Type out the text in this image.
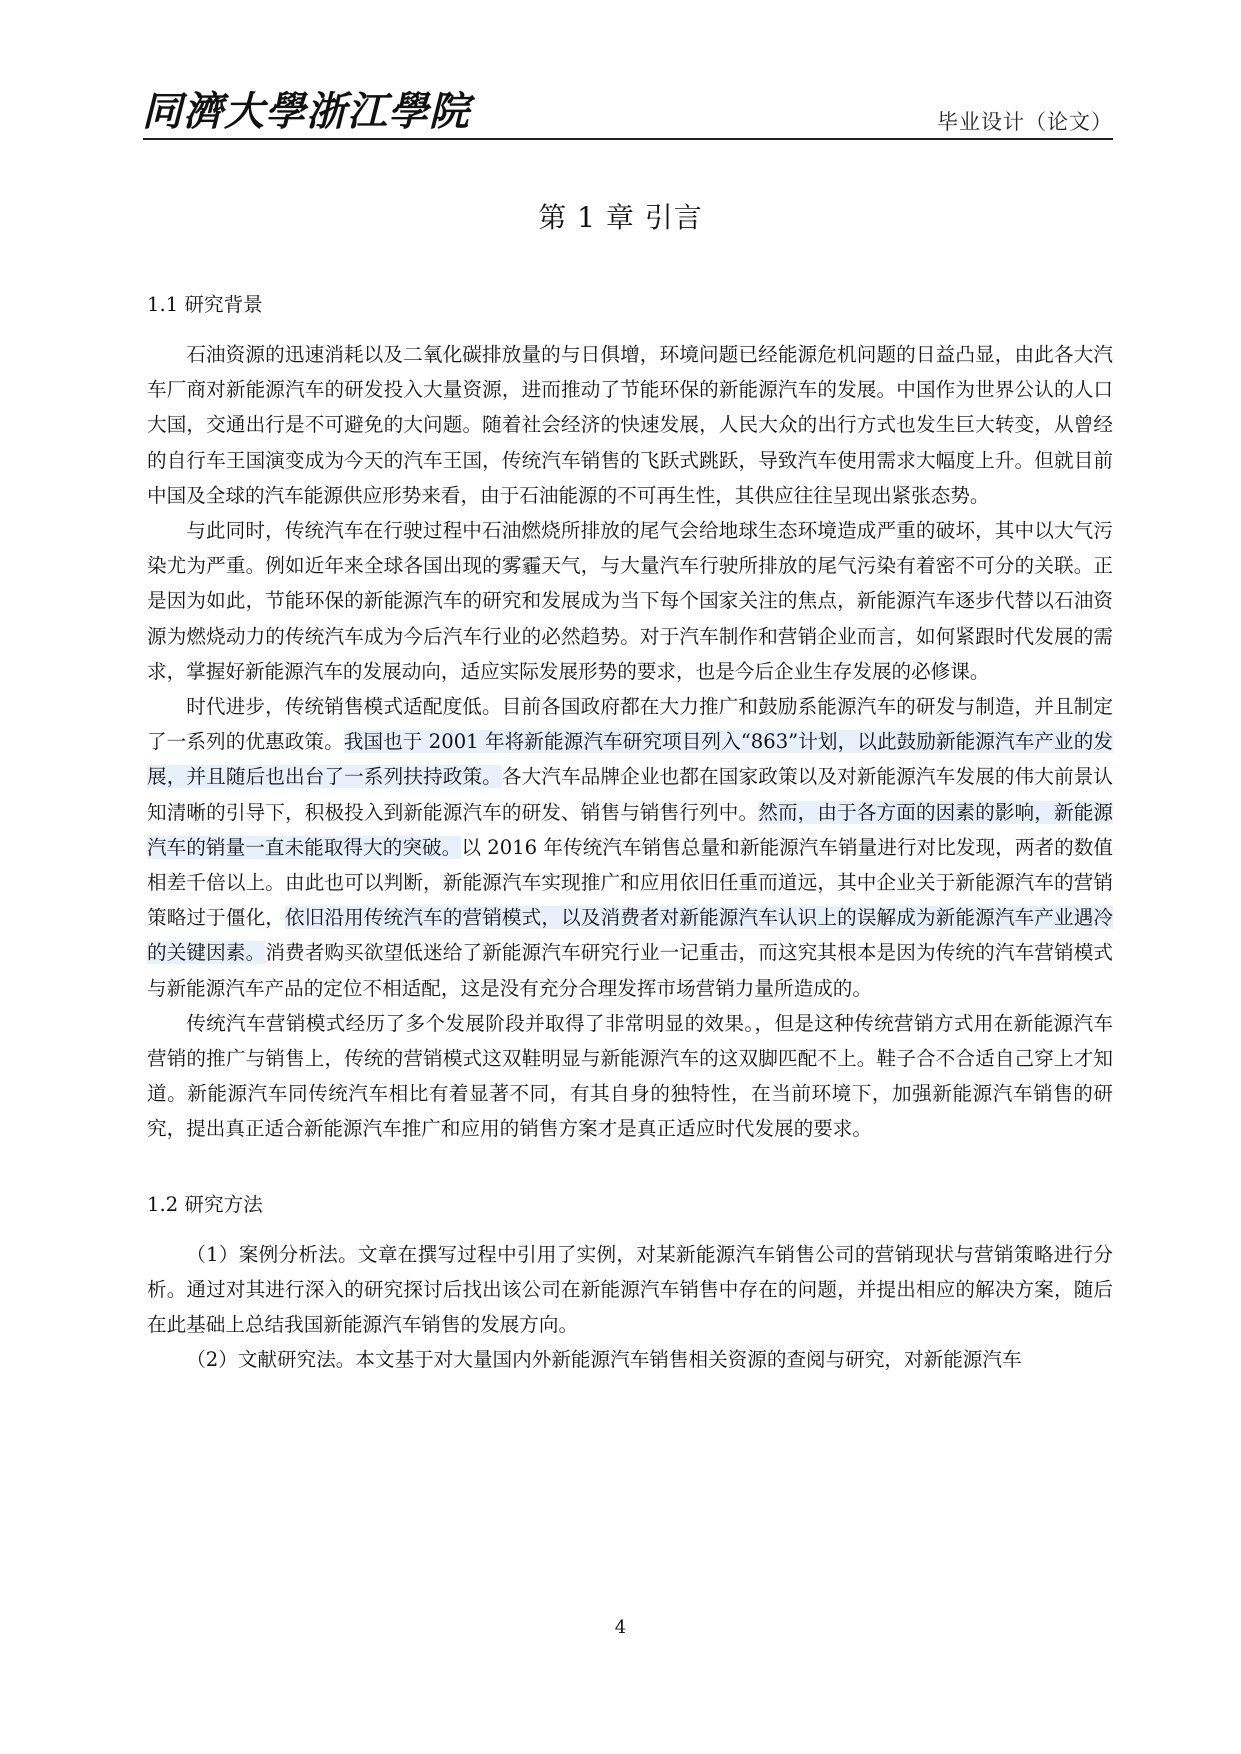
同濟大學浙江學院	毕业设计（论文）
第 1 章 引言

1.1 研究背景

石油资源的迅速消耗以及二氧化碳排放量的与日俱增，环境问题已经能源危机问题的日益凸显，由此各大汽车厂商对新能源汽车的研发投入大量资源，进而推动了节能环保的新能源汽车的发展。中国作为世界公认的人口大国，交通出行是不可避免的大问题。随着社会经济的快速发展，人民大众的出行方式也发生巨大转变，从曾经的自行车王国演变成为今天的汽车王国，传统汽车销售的飞跃式跳跃，导致汽车使用需求大幅度上升。但就目前中国及全球的汽车能源供应形势来看，由于石油能源的不可再生性，其供应往往呈现出紧张态势。

与此同时，传统汽车在行驶过程中石油燃烧所排放的尾气会给地球生态环境造成严重的破坏，其中以大气污染尤为严重。例如近年来全球各国出现的雾霾天气，与大量汽车行驶所排放的尾气污染有着密不可分的关联。正是因为如此，节能环保的新能源汽车的研究和发展成为当下每个国家关注的焦点，新能源汽车逐步代替以石油资源为燃烧动力的传统汽车成为今后汽车行业的必然趋势。对于汽车制作和营销企业而言，如何紧跟时代发展的需求，掌握好新能源汽车的发展动向，适应实际发展形势的要求，也是今后企业生存发展的必修课。

时代进步，传统销售模式适配度低。目前各国政府都在大力推广和鼓励系能源汽车的研发与制造，并且制定了一系列的优惠政策。我国也于 2001 年将新能源汽车研究项目列入“863”计划，以此鼓励新能源汽车产业的发展，并且随后也出台了一系列扶持政策。各大汽车品牌企业也都在国家政策以及对新能源汽车发展的伟大前景认知清晰的引导下，积极投入到新能源汽车的研发、销售与销售行列中。然而，由于各方面的因素的影响，新能源汽车的销量一直未能取得大的突破。以 2016 年传统汽车销售总量和新能源汽车销量进行对比发现，两者的数值相差千倍以上。由此也可以判断，新能源汽车实现推广和应用依旧任重而道远，其中企业关于新能源汽车的营销策略过于僵化，依旧沿用传统汽车的营销模式，以及消费者对新能源汽车认识上的误解成为新能源汽车产业遇冷的关键因素。消费者购买欲望低迷给了新能源汽车研究行业一记重击，而这究其根本是因为传统的汽车营销模式与新能源汽车产品的定位不相适配，这是没有充分合理发挥市场营销力量所造成的。

传统汽车营销模式经历了多个发展阶段并取得了非常明显的效果。，但是这种传统营销方式用在新能源汽车营销的推广与销售上，传统的营销模式这双鞋明显与新能源汽车的这双脚匹配不上。鞋子合不合适自己穿上才知道。新能源汽车同传统汽车相比有着显著不同，有其自身的独特性，在当前环境下，加强新能源汽车销售的研究，提出真正适合新能源汽车推广和应用的销售方案才是真正适应时代发展的要求。

1.2 研究方法

（1）案例分析法。文章在撰写过程中引用了实例，对某新能源汽车销售公司的营销现状与营销策略进行分析。通过对其进行深入的研究探讨后找出该公司在新能源汽车销售中存在的问题，并提出相应的解决方案，随后在此基础上总结我国新能源汽车销售的发展方向。

（2）文献研究法。本文基于对大量国内外新能源汽车销售相关资源的查阅与研究，对新能源汽车

4
